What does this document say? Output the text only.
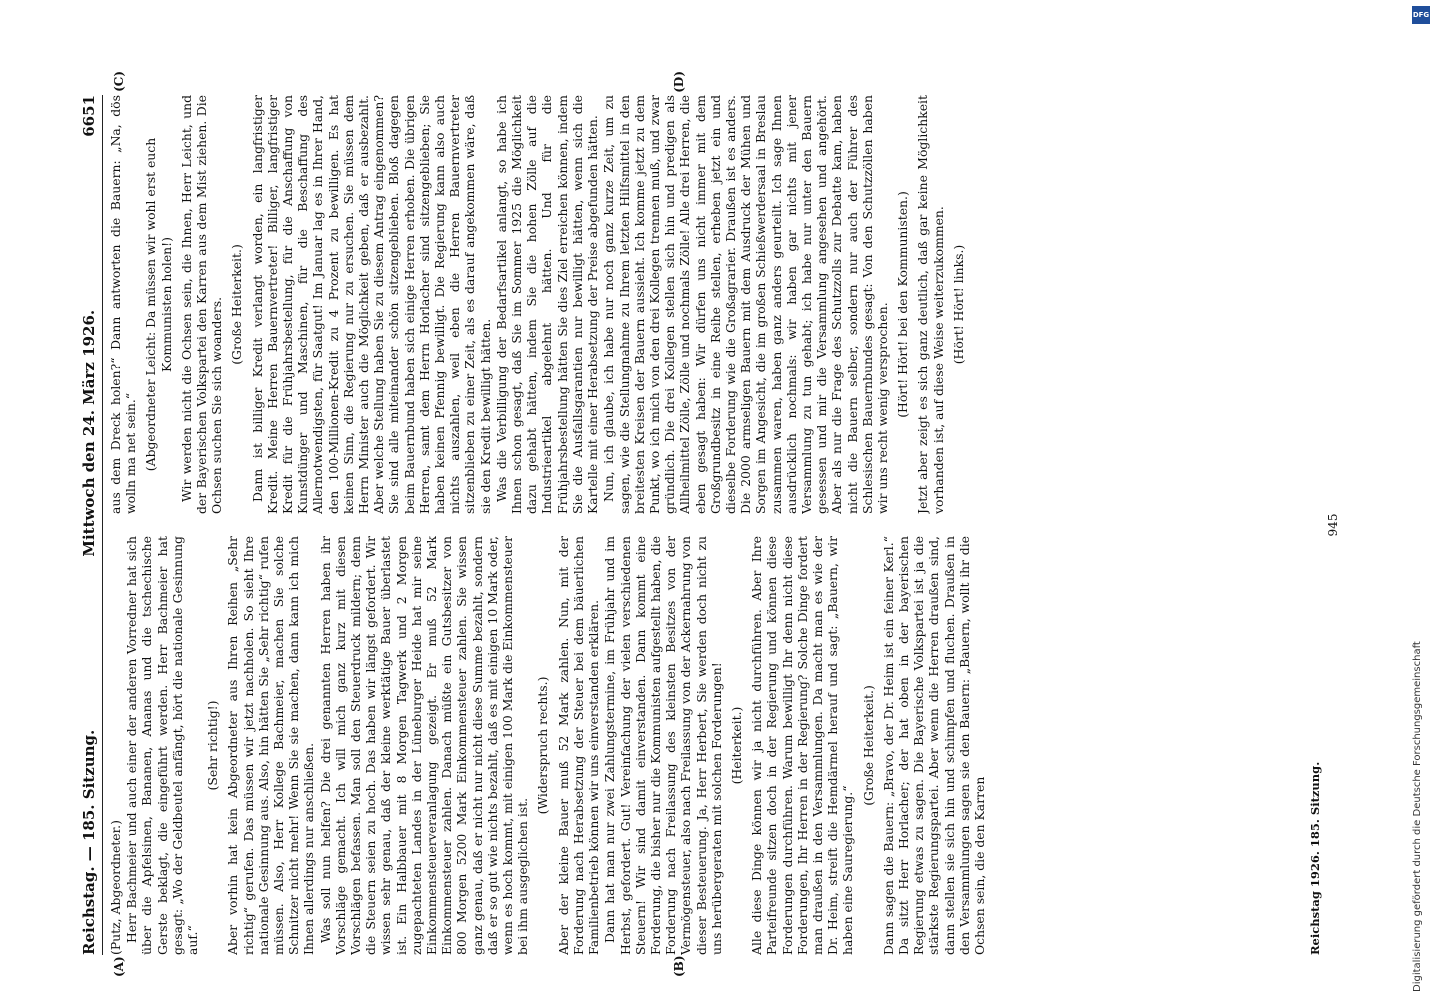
Reichstag. — 185. Sitzung.
Mittwoch den 24. März 1926.
6651
(A)	(B)
(C)	(D)

(Putz, Abgeordneter.) Herr Bachmeier und auch einer der anderen Vorredner hat sich über die Apfelsinen, Bananen, Ananas und die tschechische Gerste beklagt, die eingeführt werden. Herr Bachmeier hat gesagt: „Wo der Geldbeutel anfängt, hört die nationale Gesinnung auf.“

(Sehr richtig!) Aber vorhin hat kein Abgeordneter aus Ihren Reihen „Sehr richtig“ gerufen. Das müssen wir jetzt nachholen. So sieht Ihre nationale Gesinnung aus. Also, hin hätten Sie „Sehr richtig“ rufen müssen. Also, Herr Kollege Bachmeier, machen Sie solche Schnitzer nicht mehr! Wenn Sie sie machen, dann kann ich mich Ihnen allerdings nur anschließen. Was soll nun helfen? Die drei genannten Herren haben ihr Vorschläge gemacht. Ich will mich ganz kurz mit diesen Vorschlägen befassen. Man soll den Steuerdruck mildern; denn die Steuern seien zu hoch. Das haben wir längst gefordert. Wir wissen sehr genau, daß der kleine werktätige Bauer überlastet ist. Ein Halbbauer mit 8 Morgen Tagwerk und 2 Morgen zugepachteten Landes in der Lüneburger Heide hat mir seine Einkommensteuerveranlagung gezeigt. Er muß 52 Mark Einkommensteuer zahlen. Danach müßte ein Gutsbesitzer von 800 Morgen 5200 Mark Einkommensteuer zahlen. Sie wissen ganz genau, daß er nicht nur nicht diese Summe bezahlt, sondern daß er so gut wie nichts bezahlt, daß es mit einigen 10 Mark oder, wenn es hoch kommt, mit einigen 100 Mark die Einkommensteuer bei ihm ausgeglichen ist.

(Widerspruch rechts.) Aber der kleine Bauer muß 52 Mark zahlen. Nun, mit der Forderung nach Herabsetzung der Steuer bei dem bäuerlichen Familienbetrieb können wir uns einverstanden erklären. Dann hat man nur zwei Zahlungstermine, im Frühjahr und im Herbst, gefordert. Gut! Vereinfachung der vielen verschiedenen Steuern! Wir sind damit einverstanden. Dann kommt eine Forderung, die bisher nur die Kommunisten aufgestellt haben, die Forderung nach Freilassung des kleinsten Besitzes von der Vermögensteuer, also nach Freilassung von der Ackernahrung von dieser Besteuerung. Ja, Herr Herbert, Sie werden doch nicht zu uns herübergeraten mit solchen Forderungen! (Heiterkeit.) Alle diese Dinge können wir ja nicht durchführen. Aber Ihre Parteifreunde sitzen doch in der Regierung und können diese Forderungen durchführen. Warum bewilligt Ihr denn nicht diese Forderungen, Ihr Herren in der Regierung? Solche Dinge fordert man draußen in den Versammlungen. Da macht man es wie der Dr. Heim, streift die Hemdärmel herauf und sagt: „Bauern, wir haben eine Sauregierung.“

(Große Heiterkeit.) Dann sagen die Bauern: „Bravo, der Dr. Heim ist ein feiner Kerl.“ Da sitzt Herr Horlacher; der hat oben in der bayerischen Regierung etwas zu sagen. Die Bayerische Volkspartei ist ja die stärkste Regierungspartei. Aber wenn die Herren draußen sind, dann stellen sie sich hin und schimpfen und fluchen. Draußen in den Versammlungen sagen sie den Bauern: „Bauern, wollt ihr die Ochsen sein, die den Karren

aus dem Dreck holen?“ Dann antworten die Bauern: „Na, dös wolln ma net sein.“ (Abgeordneter Leicht: Da müssen wir wohl erst euch Kommunisten holen!) Wir werden nicht die Ochsen sein, die Ihnen, Herr Leicht, und der Bayerischen Volkspartei den Karren aus dem Mist ziehen. Die Ochsen suchen Sie sich woanders. (Große Heiterkeit.) Dann ist billiger Kredit verlangt worden, ein langfristiger Kredit. Meine Herren Bauernvertreter! Billiger, langfristiger Kredit für die Frühjahrsbestellung, für die Anschaffung von Kunstdünger und Maschinen, für die Beschaffung des Allernotwendigsten, für Saatgut! Im Januar lag es in Ihrer Hand, den 100-Millionen-Kredit zu 4 Prozent zu bewilligen. Es hat keinen Sinn, die Regierung nur zu ersuchen. Sie müssen dem Herrn Minister auch die Möglichkeit geben, daß er ausbezahlt. Aber welche Stellung haben Sie zu diesem Antrag eingenommen? Sie sind alle miteinander schön sitzengeblieben. Bloß dagegen beim Bauernbund haben sich einige Herren erhoben. Die übrigen Herren, samt dem Herrn Horlacher sind sitzengeblieben; Sie haben keinen Pfennig bewilligt. Die Regierung kann also auch nichts auszahlen, weil eben die Herren Bauernvertreter sitzenblieben zu einer Zeit, als es darauf angekommen wäre, daß sie den Kredit bewilligt hätten. Was die Verbilligung der Bedarfsartikel anlangt, so habe ich Ihnen schon gesagt, daß Sie im Sommer 1925 die Möglichkeit dazu gehabt hätten, indem Sie die hohen Zölle auf die Industrieartikel abgelehnt hätten. Und für die Frühjahrsbestellung hätten Sie dies Ziel erreichen können, indem Sie die Ausfallsgarantien nur bewilligt hätten, wenn sich die Kartelle mit einer Herabsetzung der Preise abgefunden hätten. Nun, ich glaube, ich habe nur noch ganz kurze Zeit, um zu sagen, wie die Stellungnahme zu Ihrem letzten Hilfsmittel in den breitesten Kreisen der Bauern aussieht. Ich komme jetzt zu dem Punkt, wo ich mich von den drei Kollegen trennen muß, und zwar gründlich. Die drei Kollegen stellen sich hin und predigen als Allheilmittel Zölle, Zölle und nochmals Zölle! Alle drei Herren, die eben gesagt haben: Wir dürfen uns nicht immer mit dem Großgrundbesitz in eine Reihe stellen, erheben jetzt ein und dieselbe Forderung wie die Großagrarier. Draußen ist es anders. Die 2000 armseligen Bauern mit dem Ausdruck der Mühen und Sorgen im Angesicht, die im großen Schießwerdersaal in Breslau zusammen waren, haben ganz anders geurteilt. Ich sage Ihnen ausdrücklich nochmals: wir haben gar nichts mit jener Versammlung zu tun gehabt; ich habe nur unter den Bauern gesessen und mir die Versammlung angesehen und angehört. Aber als nur die Frage des Schutzzolls zur Debatte kam, haben nicht die Bauern selber, sondern nur auch der Führer des Schlesischen Bauernbundes gesagt: Von den Schutzzöllen haben wir uns recht wenig versprochen. (Hört! Hört! bei den Kommunisten.) Jetzt aber zeigt es sich ganz deutlich, daß gar keine Möglichkeit vorhanden ist, auf diese Weise weiterzukommen. (Hört! Hört! links.)

Reichstag 1926. 185. Sitzung.
945
DFG
Digitalisierung gefördert durch die Deutsche Forschungsgemeinschaft
